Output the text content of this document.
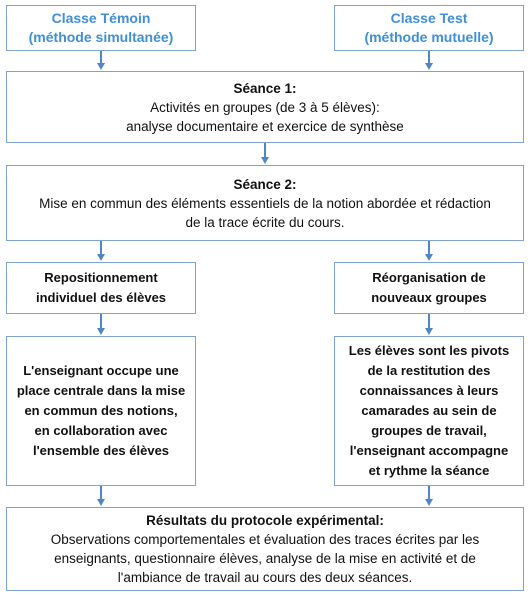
Classe Témoin
(méthode simultanée)
Classe Test
(méthode mutuelle)
Séance 1:
Activités en groupes (de 3 à 5 élèves):
analyse documentaire et exercice de synthèse
Séance 2:
Mise en commun des éléments essentiels de la notion abordée et rédaction
de la trace écrite du cours.
Repositionnement
individuel des élèves
Réorganisation de
nouveaux groupes
L'enseignant occupe une
place centrale dans la mise
en commun des notions,
en collaboration avec
l'ensemble des élèves
Les élèves sont les pivots
de la restitution des
connaissances à leurs
camarades au sein de
groupes de travail,
l'enseignant accompagne
et rythme la séance
Résultats du protocole expérimental:
Observations comportementales et évaluation des traces écrites par les
enseignants, questionnaire élèves, analyse de la mise en activité et de
l'ambiance de travail au cours des deux séances.
